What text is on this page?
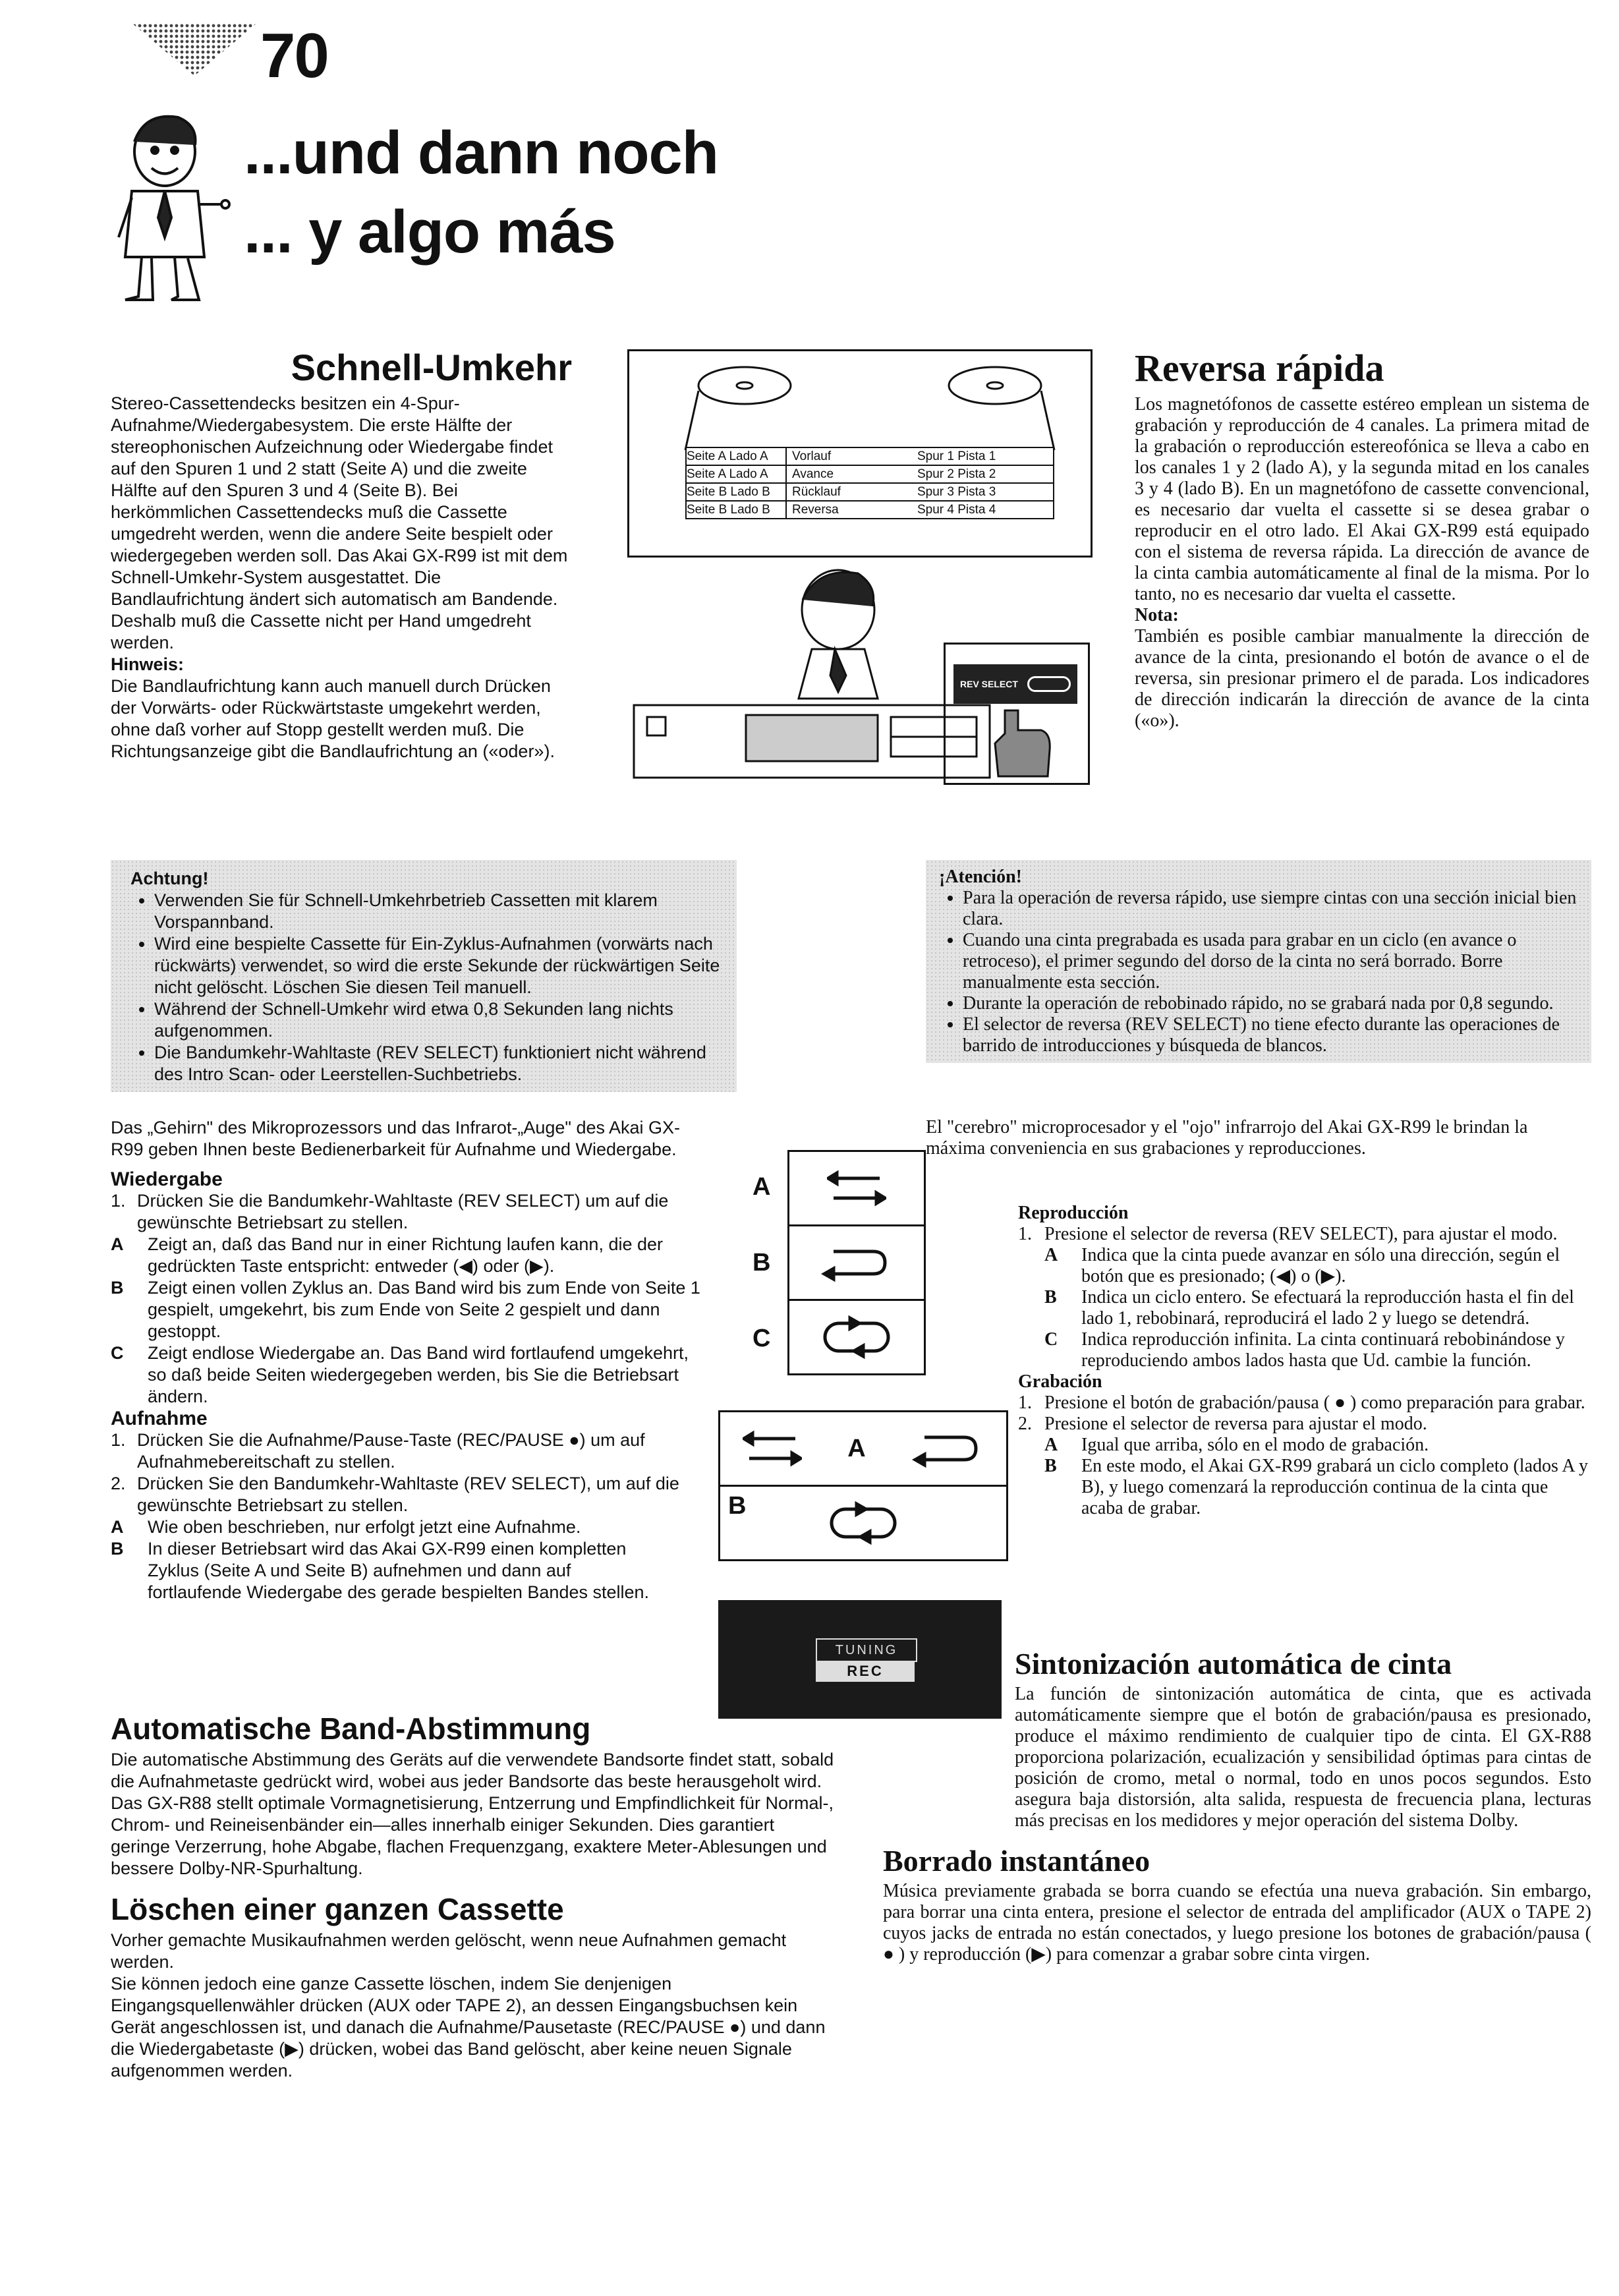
70
...und dann noch
... y algo más
Schnell-Umkehr

Stereo-Cassettendecks besitzen ein 4-Spur-Aufnahme/Wiedergabesystem. Die erste Hälfte der stereophonischen Aufzeichnung oder Wiedergabe findet auf den Spuren 1 und 2 statt (Seite A) und die zweite Hälfte auf den Spuren 3 und 4 (Seite B). Bei herkömmlichen Cassettendecks muß die Cassette umgedreht werden, wenn die andere Seite bespielt oder wiedergegeben werden soll. Das Akai GX-R99 ist mit dem Schnell-Umkehr-System ausgestattet. Die Bandlaufrichtung ändert sich automatisch am Bandende. Deshalb muß die Cassette nicht per Hand umgedreht werden.

Hinweis:

Die Bandlaufrichtung kann auch manuell durch Drücken der Vorwärts- oder Rückwärtstaste umgekehrt werden, ohne daß vorher auf Stopp gestellt werden muß. Die Richtungsanzeige gibt die Bandlaufrichtung an («oder»).

Seite A Lado A	Vorlauf	Spur 1 Pista 1
Seite A Lado A	Avance	Spur 2 Pista 2
Seite B Lado B	Rücklauf	Spur 3 Pista 3
Seite B Lado B	Reversa	Spur 4 Pista 4
REV SELECT
Reversa rápida

Los magnetófonos de cassette estéreo emplean un sistema de grabación y reproducción de 4 canales. La primera mitad de la grabación o reproducción estereofónica se lleva a cabo en los canales 1 y 2 (lado A), y la segunda mitad en los canales 3 y 4 (lado B). En un magnetófono de cassette convencional, es necesario dar vuelta el cassette si se desea grabar o reproducir en el otro lado. El Akai GX-R99 está equipado con el sistema de reversa rápida. La dirección de avance de la cinta cambia automáticamente al final de la misma. Por lo tanto, no es necesario dar vuelta el cassette.

Nota:

También es posible cambiar manualmente la dirección de avance de la cinta, presionando el botón de avance o el de reversa, sin presionar primero el de parada. Los indicadores de dirección indicarán la dirección de avance de la cinta («o»).

Achtung!

• Verwenden Sie für Schnell-Umkehrbetrieb Cassetten mit klarem Vorspannband.
• Wird eine bespielte Cassette für Ein-Zyklus-Aufnahmen (vorwärts nach rückwärts) verwendet, so wird die erste Sekunde der rückwärtigen Seite nicht gelöscht. Löschen Sie diesen Teil manuell.
• Während der Schnell-Umkehr wird etwa 0,8 Sekunden lang nichts aufgenommen.
• Die Bandumkehr-Wahltaste (REV SELECT) funktioniert nicht während des Intro Scan- oder Leerstellen-Suchbetriebs.

¡Atención!

• Para la operación de reversa rápido, use siempre cintas con una sección inicial bien clara.
• Cuando una cinta pregrabada es usada para grabar en un ciclo (en avance o retroceso), el primer segundo del dorso de la cinta no será borrado. Borre manualmente esta sección.
• Durante la operación de rebobinado rápido, no se grabará nada por 0,8 segundo.
• El selector de reversa (REV SELECT) no tiene efecto durante las operaciones de barrido de introducciones y búsqueda de blancos.

Das „Gehirn" des Mikroprozessors und das Infrarot-„Auge" des Akai GX-R99 geben Ihnen beste Bedienerbarkeit für Aufnahme und Wiedergabe.

Wiedergabe

1. Drücken Sie die Bandumkehr-Wahltaste (REV SELECT) um auf die gewünschte Betriebsart zu stellen.
A	Zeigt an, daß das Band nur in einer Richtung laufen kann, die der gedrückten Taste entspricht: entweder (◀) oder (▶).
B	Zeigt einen vollen Zyklus an. Das Band wird bis zum Ende von Seite 1 gespielt, umgekehrt, bis zum Ende von Seite 2 gespielt und dann gestoppt.
C	Zeigt endlose Wiedergabe an. Das Band wird fortlaufend umgekehrt, so daß beide Seiten wiedergegeben werden, bis Sie die Betriebsart ändern.

Aufnahme

1. Drücken Sie die Aufnahme/Pause-Taste (REC/PAUSE ●) um auf Aufnahmebereitschaft zu stellen.
2. Drücken Sie den Bandumkehr-Wahltaste (REV SELECT), um auf die gewünschte Betriebsart zu stellen.
A	Wie oben beschrieben, nur erfolgt jetzt eine Aufnahme.
B	In dieser Betriebsart wird das Akai GX-R99 einen kompletten Zyklus (Seite A und Seite B) aufnehmen und dann auf fortlaufende Wiedergabe des gerade bespielten Bandes stellen.
A
B
C
A
B
TUNING
REC
El "cerebro" microprocesador y el "ojo" infrarrojo del Akai GX-R99 le brindan la máxima conveniencia en sus grabaciones y reproducciones.

Reproducción

1. Presione el selector de reversa (REV SELECT), para ajustar el modo.
A	Indica que la cinta puede avanzar en sólo una dirección, según el botón que es presionado; (◀) o (▶).
B	Indica un ciclo entero. Se efectuará la reproducción hasta el fin del lado 1, rebobinará, reproducirá el lado 2 y luego se detendrá.
C	Indica reproducción infinita. La cinta continuará rebobinándose y reproduciendo ambos lados hasta que Ud. cambie la función.

Grabación

1. Presione el botón de grabación/pausa ( ● ) como preparación para grabar.
2. Presione el selector de reversa para ajustar el modo.
A	Igual que arriba, sólo en el modo de grabación.
B	En este modo, el Akai GX-R99 grabará un ciclo completo (lados A y B), y luego comenzará la reproducción continua de la cinta que acaba de grabar.
Automatische Band-Abstimmung

Die automatische Abstimmung des Geräts auf die verwendete Bandsorte findet statt, sobald die Aufnahmetaste gedrückt wird, wobei aus jeder Bandsorte das beste herausgeholt wird. Das GX-R88 stellt optimale Vormagnetisierung, Entzerrung und Empfindlichkeit für Normal-, Chrom- und Reineisenbänder ein—alles innerhalb einiger Sekunden. Dies garantiert geringe Verzerrung, hohe Abgabe, flachen Frequenzgang, exaktere Meter-Ablesungen und bessere Dolby-NR-Spurhaltung.

Löschen einer ganzen Cassette

Vorher gemachte Musikaufnahmen werden gelöscht, wenn neue Aufnahmen gemacht werden.

Sie können jedoch eine ganze Cassette löschen, indem Sie denjenigen Eingangsquellenwähler drücken (AUX oder TAPE 2), an dessen Eingangsbuchsen kein Gerät angeschlossen ist, und danach die Aufnahme/Pausetaste (REC/PAUSE ●) und dann die Wiedergabetaste (▶) drücken, wobei das Band gelöscht, aber keine neuen Signale aufgenommen werden.

Sintonización automática de cinta

La función de sintonización automática de cinta, que es activada automáticamente siempre que el botón de grabación/pausa es presionado, produce el máximo rendimiento de cualquier tipo de cinta. El GX-R88 proporciona polarización, ecualización y sensibilidad óptimas para cintas de posición de cromo, metal o normal, todo en unos pocos segundos. Esto asegura baja distorsión, alta salida, respuesta de frecuencia plana, lecturas más precisas en los medidores y mejor operación del sistema Dolby.

Borrado instantáneo

Música previamente grabada se borra cuando se efectúa una nueva grabación. Sin embargo, para borrar una cinta entera, presione el selector de entrada del amplificador (AUX o TAPE 2) cuyos jacks de entrada no están conectados, y luego presione los botones de grabación/pausa ( ● ) y reproducción (▶) para comenzar a grabar sobre cinta virgen.
